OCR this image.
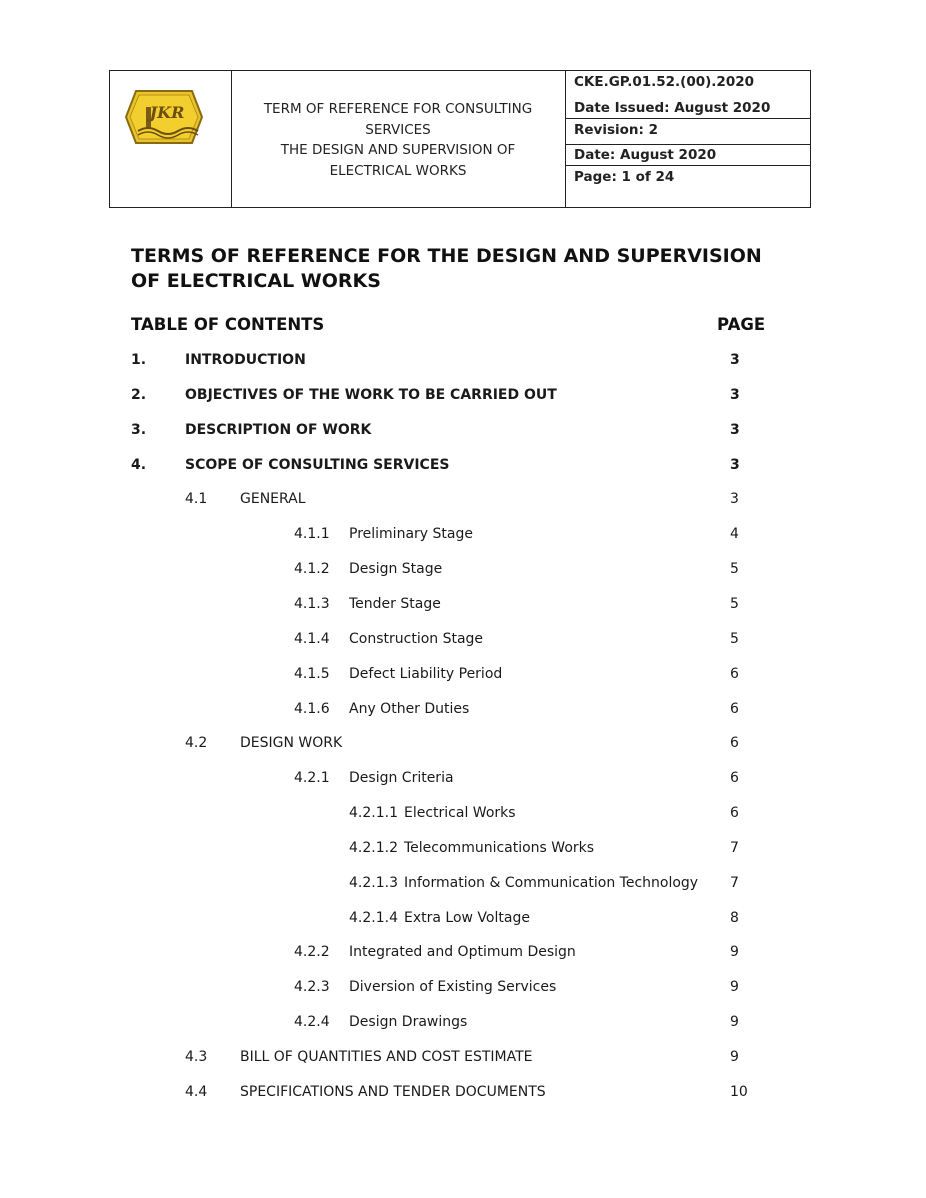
JKR	TERM OF REFERENCE FOR CONSULTING
SERVICES
THE DESIGN AND SUPERVISION OF
ELECTRICAL WORKS
CKE.GP.01.52.(00).2020
Date Issued: August 2020
Revision: 2
Date: August 2020
Page: 1 of 24
TERMS OF REFERENCE FOR THE DESIGN AND SUPERVISION
OF ELECTRICAL WORKS
TABLE OF CONTENTS	PAGE
1.	INTRODUCTION	3
2.	OBJECTIVES OF THE WORK TO BE CARRIED OUT	3
3.	DESCRIPTION OF WORK	3
4.	SCOPE OF CONSULTING SERVICES	3
4.1 GENERAL	3
4.1.1 Preliminary Stage	4
4.1.2 Design Stage	5
4.1.3 Tender Stage	5
4.1.4 Construction Stage	5
4.1.5 Defect Liability Period	6
4.1.6 Any Other Duties	6
4.2 DESIGN WORK	6
4.2.1 Design Criteria	6
4.2.1.1 Electrical Works	6
4.2.1.2 Telecommunications Works	7
4.2.1.3 Information & Communication Technology 7
4.2.1.4 Extra Low Voltage	8
4.2.2 Integrated and Optimum Design	9
4.2.3 Diversion of Existing Services	9
4.2.4 Design Drawings	9
4.3 BILL OF QUANTITIES AND COST ESTIMATE	9
4.4 SPECIFICATIONS AND TENDER DOCUMENTS	10
